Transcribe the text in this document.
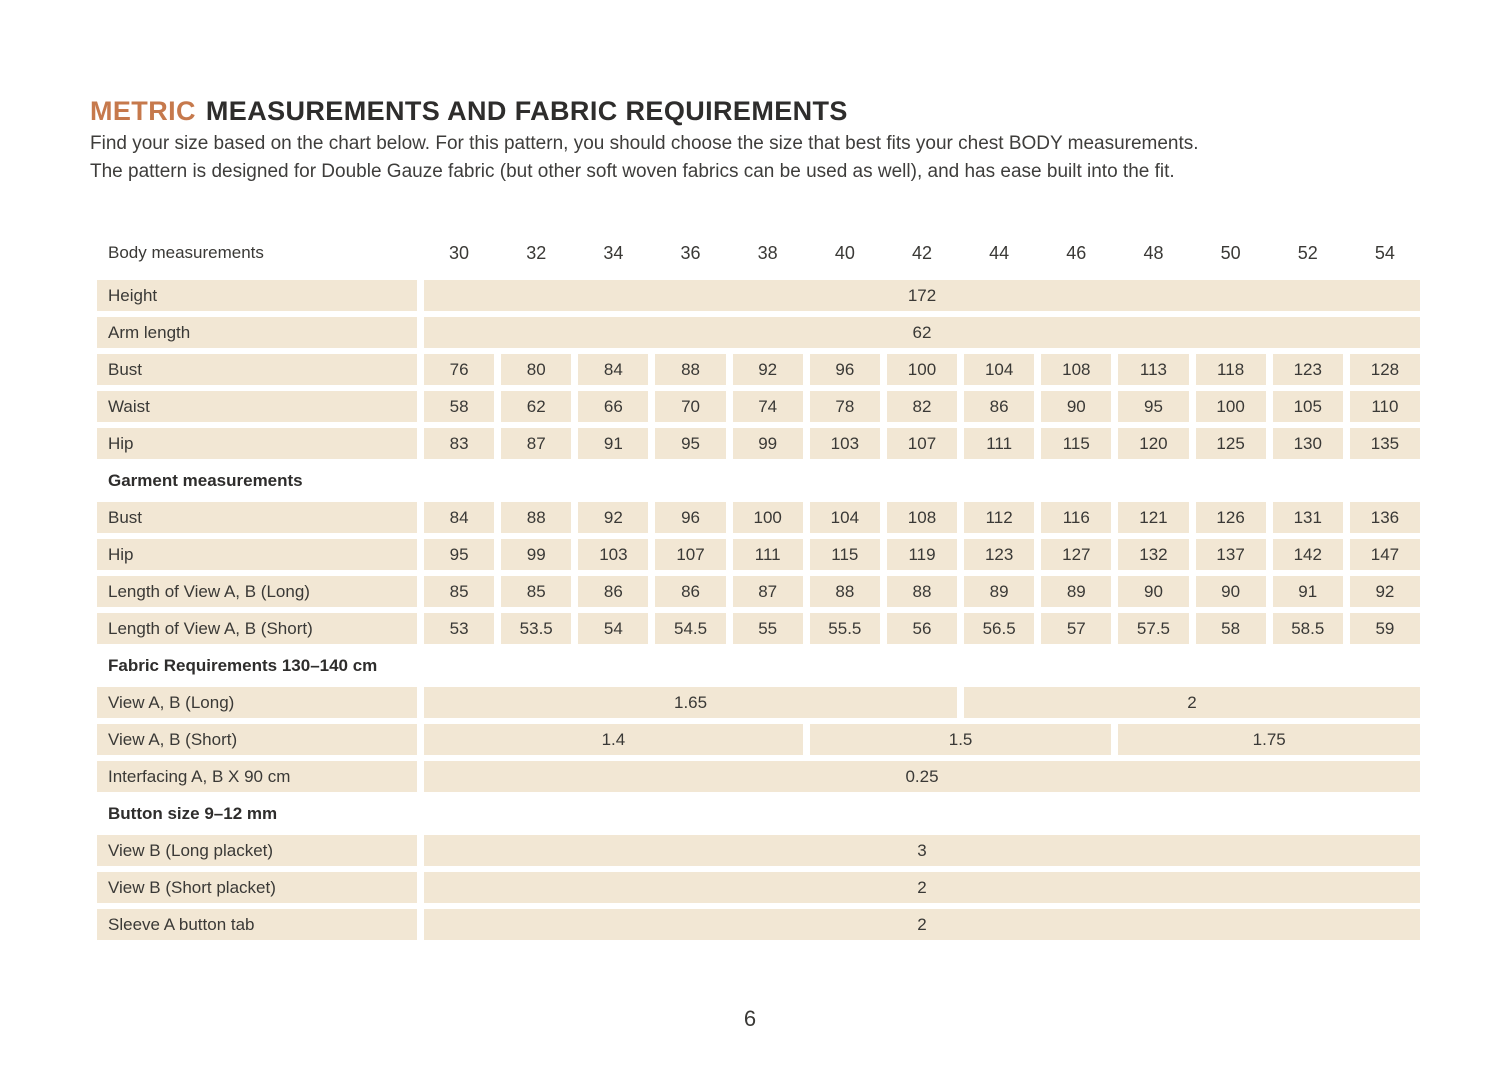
METRIC MEASUREMENTS AND FABRIC REQUIREMENTS
Find your size based on the chart below. For this pattern, you should choose the size that best fits your chest BODY measurements.
The pattern is designed for Double Gauze fabric (but other soft woven fabrics can be used as well), and has ease built into the fit.
Body measurements	30	32	34	36	38	40	42	44	46	48	50	52	54
Height	172
Arm length	62
Bust	76	80	84	88	92	96	100	104	108	113	118	123	128
Waist	58	62	66	70	74	78	82	86	90	95	100	105	110
Hip	83	87	91	95	99	103	107	111	115	120	125	130	135
Garment measurements
Bust	84	88	92	96	100	104	108	112	116	121	126	131	136
Hip	95	99	103	107	111	115	119	123	127	132	137	142	147
Length of View A, B (Long)	85	85	86	86	87	88	88	89	89	90	90	91	92
Length of View A, B (Short)	53	53.5	54	54.5	55	55.5	56	56.5	57	57.5	58	58.5	59
Fabric Requirements 130–140 cm
View A, B (Long)	1.65	2
View A, B (Short)	1.4	1.5	1.75
Interfacing A, B X 90 cm	0.25
Button size 9–12 mm
View B (Long placket)	3
View B (Short placket)	2
Sleeve A button tab	2
6
